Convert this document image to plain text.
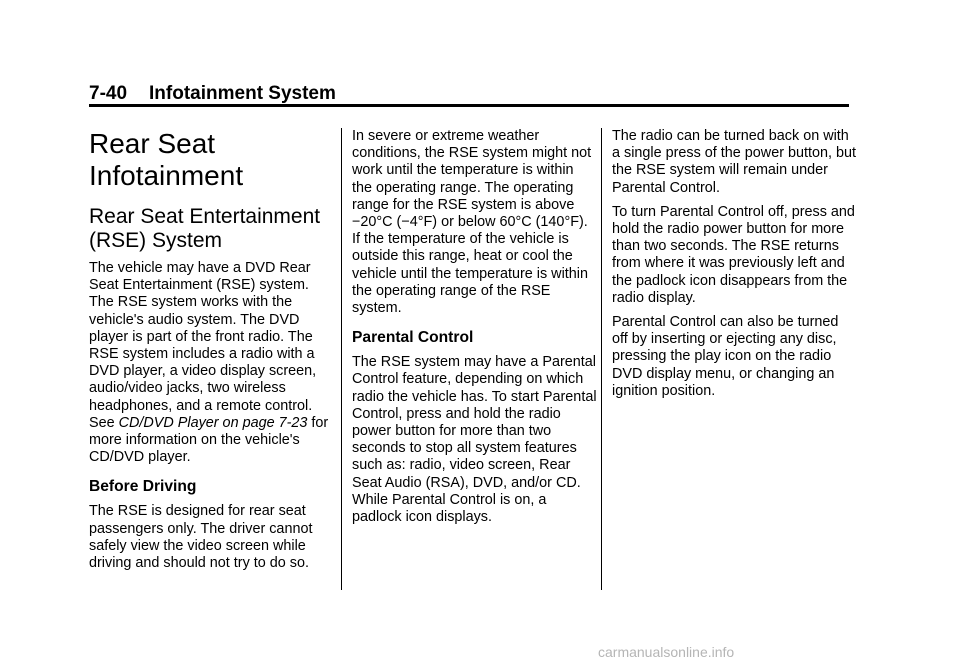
7-40 Infotainment System
Rear Seat Infotainment
Rear Seat Entertainment (RSE) System

The vehicle may have a DVD Rear Seat Entertainment (RSE) system. The RSE system works with the vehicle's audio system. The DVD player is part of the front radio. The RSE system includes a radio with a DVD player, a video display screen, audio/video jacks, two wireless headphones, and a remote control. See CD/DVD Player on page 7-23 for more information on the vehicle's CD/DVD player.

Before Driving

The RSE is designed for rear seat passengers only. The driver cannot safely view the video screen while driving and should not try to do so.

In severe or extreme weather conditions, the RSE system might not work until the temperature is within the operating range. The operating range for the RSE system is above −20°C (−4°F) or below 60°C (140°F). If the temperature of the vehicle is outside this range, heat or cool the vehicle until the temperature is within the operating range of the RSE system.

Parental Control

The RSE system may have a Parental Control feature, depending on which radio the vehicle has. To start Parental Control, press and hold the radio power button for more than two seconds to stop all system features such as: radio, video screen, Rear Seat Audio (RSA), DVD, and/or CD. While Parental Control is on, a padlock icon displays.

The radio can be turned back on with a single press of the power button, but the RSE system will remain under Parental Control.

To turn Parental Control off, press and hold the radio power button for more than two seconds. The RSE returns from where it was previously left and the padlock icon disappears from the radio display.

Parental Control can also be turned off by inserting or ejecting any disc, pressing the play icon on the radio DVD display menu, or changing an ignition position.

carmanualsonline.info
